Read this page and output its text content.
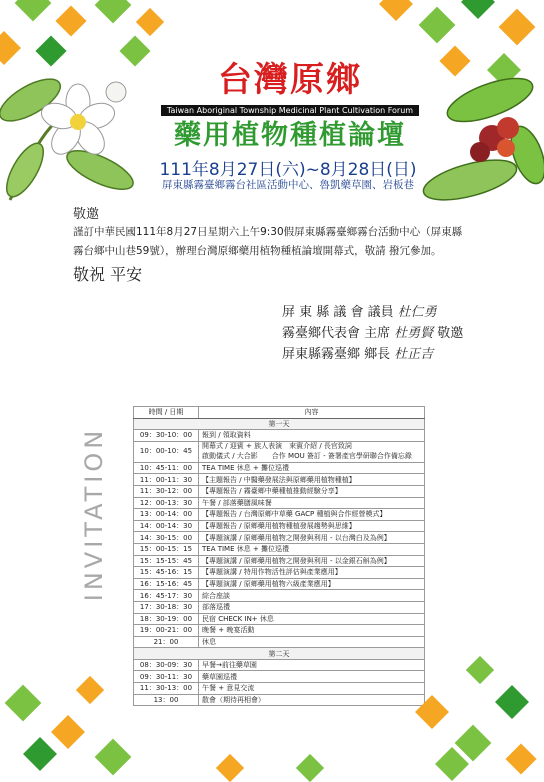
台灣原鄉
Taiwan Aboriginal Township Medicinal Plant Cultivation Forum
藥用植物種植論壇
111年8月27日(六)~8月28日(日)
屏東縣霧臺鄉霧台社區活動中心、魯凱藥草園、岩板巷
敬邀
謹訂中華民國111年8月27日星期六上午9:30假屏東縣霧臺鄉霧台活動中心（屏東縣霧台鄉中山巷59號），辦理台灣原鄉藥用植物種植論壇開幕式，敬請 撥冗參加。
敬祝 平安
屏 東 縣 議 會 議員 杜仁勇
霧臺鄉代表會 主席 杜勇賢 敬邀
屏東縣霧臺鄉 鄉長 杜正吉
INVITATION
時間 / 日期	內容
第一天	
09：30-10：00	報到 / 領取資料
10：00-10：45	開幕式 / 迎賓 + 族人表演　來賓介紹 / 長官致詞
啟動儀式 / 大合影　　合作 MOU 簽訂 - 簽署產官學研聯合作備忘錄
10：45-11：00	TEA TIME 休息 + 攤位巡禮
11：00-11：30	【主題報告 / 中醫藥發展法與原鄉藥用植物種植】
11：30-12：00	【專題報告 / 霧臺鄉中藥種植推動經驗分享】
12：00-13：30	午餐 / 部落藥膳風味餐
13：00-14：00	【專題報告 / 台灣原鄉中草藥 GACP 種植與合作經營模式】
14：00-14：30	【專題報告 / 原鄉藥用植物種植發展趨勢與思維】
14：30-15：00	【專題演講 / 原鄉藥用植物之開發與利用 - 以台灣白及為例】
15：00-15：15	TEA TIME 休息 + 攤位巡禮
15：15-15：45	【專題演講 / 原鄉藥用植物之開發與利用 - 以金銀石斛為例】
15：45-16：15	【專題演講 / 特用作物活性評估與產業應用】
16：15-16：45	【專題演講 / 原鄉藥用植物六級產業應用】
16：45-17：30	綜合座談
17：30-18：30	部落巡禮
18：30-19：00	民宿 CHECK IN+ 休息
19：00-21：00	晚餐 + 晚宴活動
21：00	休息
第二天	
08：30-09：30	早餐→前往藥草園
09：30-11：30	藥草園巡禮
11：30-13：00	午餐 + 意見交流
13：00	散會（期待再相會）
